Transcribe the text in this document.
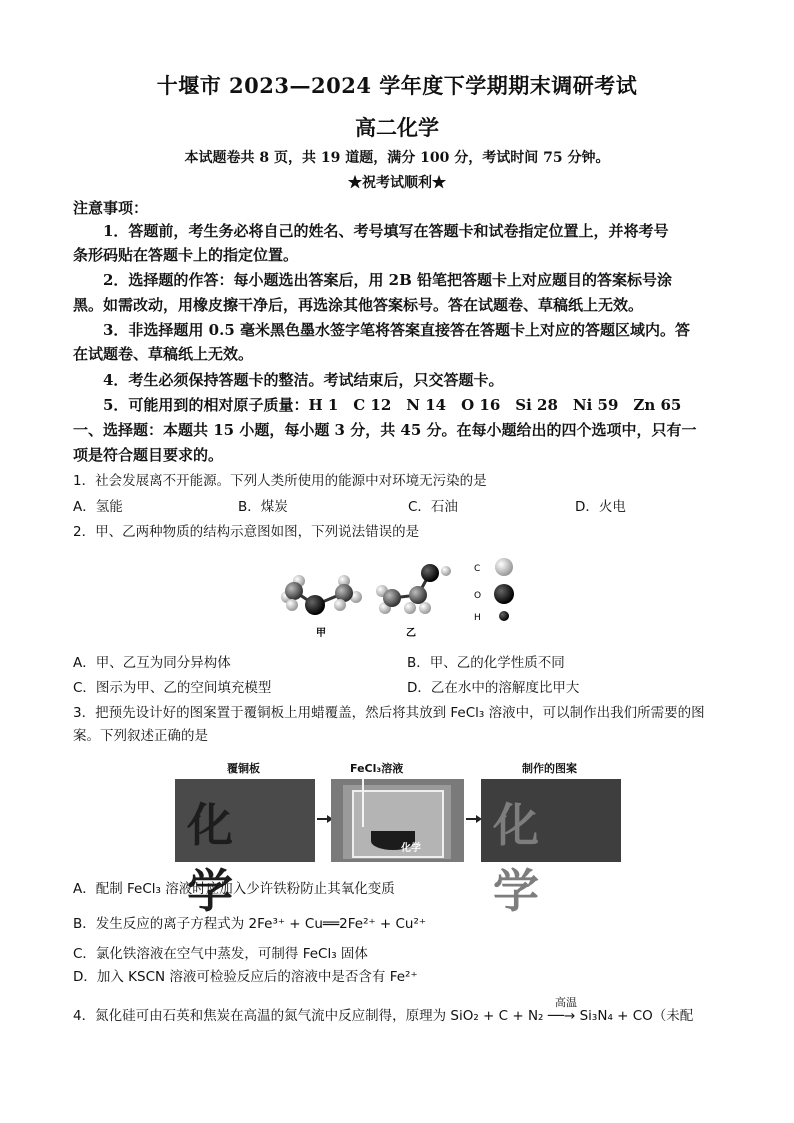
十堰市 2023—2024 学年度下学期期末调研考试
高二化学
本试题卷共 8 页，共 19 道题，满分 100 分，考试时间 75 分钟。
★祝考试顺利★
注意事项：
1．答题前，考生务必将自己的姓名、考号填写在答题卡和试卷指定位置上，并将考号
条形码贴在答题卡上的指定位置。
2．选择题的作答：每小题选出答案后，用 2B 铅笔把答题卡上对应题目的答案标号涂
黑。如需改动，用橡皮擦干净后，再选涂其他答案标号。答在试题卷、草稿纸上无效。
3．非选择题用 0.5 毫米黑色墨水签字笔将答案直接答在答题卡上对应的答题区域内。答
在试题卷、草稿纸上无效。
4．考生必须保持答题卡的整洁。考试结束后，只交答题卡。
5．可能用到的相对原子质量：H 1　C 12　N 14　O 16　Si 28　Ni 59　Zn 65
一、选择题：本题共 15 小题，每小题 3 分，共 45 分。在每小题给出的四个选项中，只有一
项是符合题目要求的。
1．社会发展离不开能源。下列人类所使用的能源中对环境无污染的是
A．氢能	B．煤炭	C．石油	D．火电
2．甲、乙两种物质的结构示意图如图，下列说法错误的是
甲	乙
C
O
H
A．甲、乙互为同分异构体	B．甲、乙的化学性质不同
C．图示为甲、乙的空间填充模型	D．乙在水中的溶解度比甲大
3．把预先设计好的图案置于覆铜板上用蜡覆盖，然后将其放到 FeCl₃ 溶液中，可以制作出我们所需要的图
案。下列叙述正确的是
覆铜板	FeCl₃溶液	制作的图案
化学
化学 化学
A．配制 FeCl₃ 溶液时应加入少许铁粉防止其氧化变质
B．发生反应的离子方程式为 2Fe³⁺ + Cu══2Fe²⁺ + Cu²⁺
C．氯化铁溶液在空气中蒸发，可制得 FeCl₃ 固体
D．加入 KSCN 溶液可检验反应后的溶液中是否含有 Fe²⁺
高温
4．氮化硅可由石英和焦炭在高温的氮气流中反应制得，原理为 SiO₂ + C + N₂ ──→ Si₃N₄ + CO（未配
